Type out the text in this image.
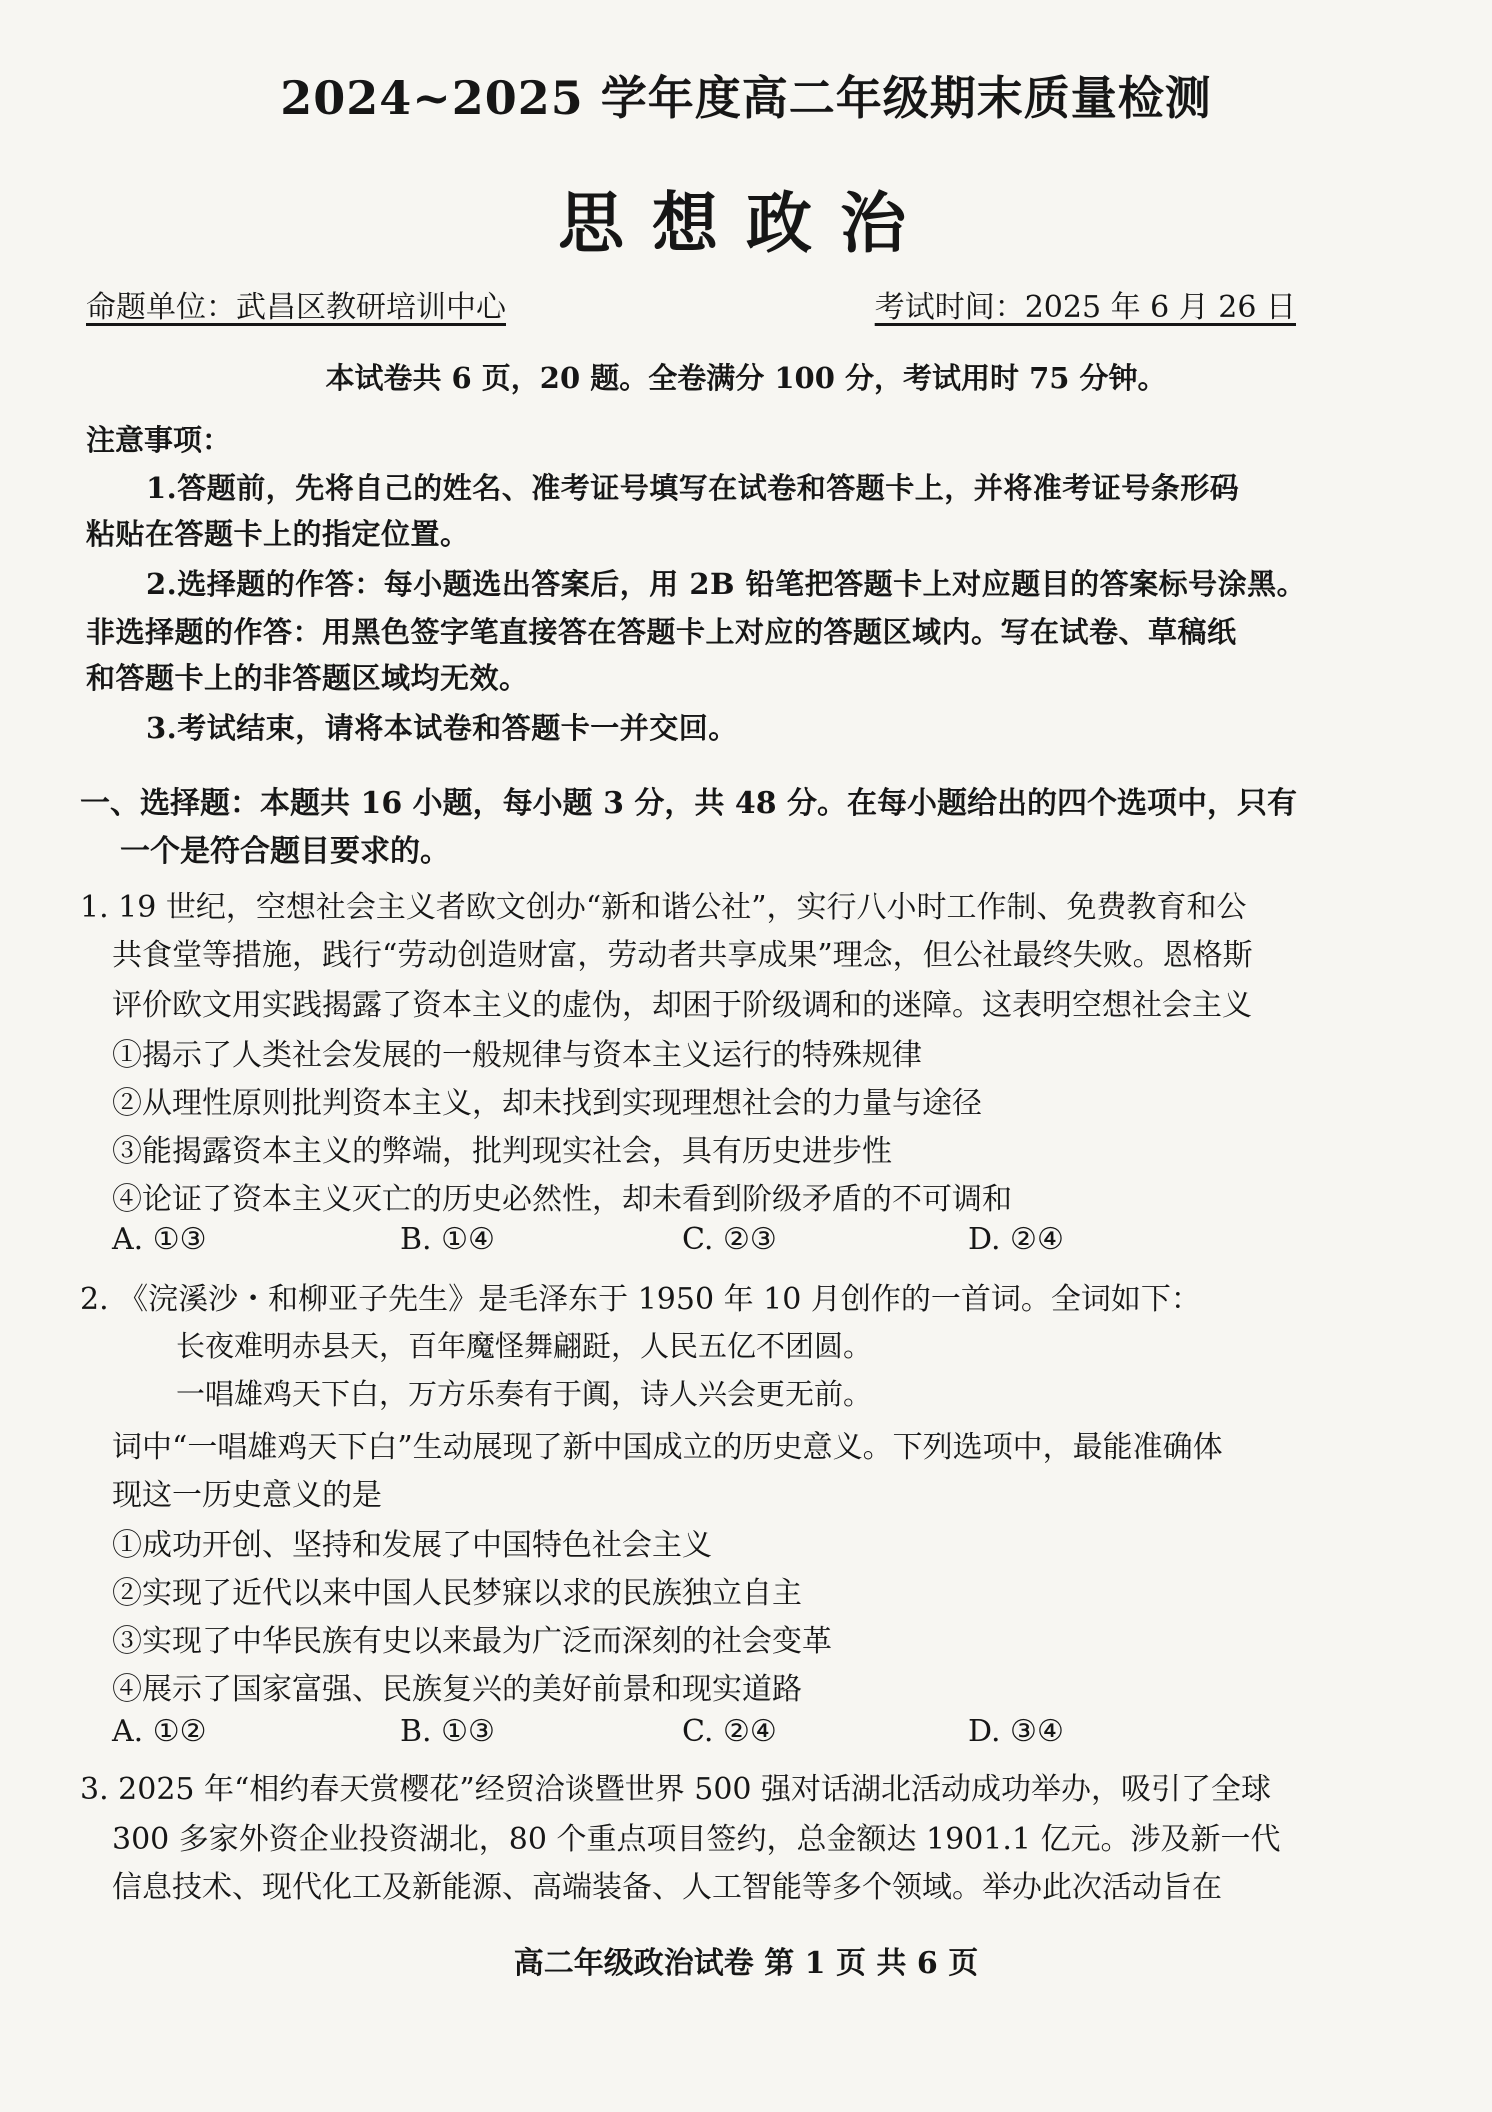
2024~2025 学年度高二年级期末质量检测
思想政治
命题单位：武昌区教研培训中心	考试时间：2025 年 6 月 26 日
本试卷共 6 页，20 题。全卷满分 100 分，考试用时 75 分钟。
注意事项：
1.答题前，先将自己的姓名、准考证号填写在试卷和答题卡上，并将准考证号条形码
粘贴在答题卡上的指定位置。
2.选择题的作答：每小题选出答案后，用 2B 铅笔把答题卡上对应题目的答案标号涂黑。
非选择题的作答：用黑色签字笔直接答在答题卡上对应的答题区域内。写在试卷、草稿纸
和答题卡上的非答题区域均无效。
3.考试结束，请将本试卷和答题卡一并交回。
一、选择题：本题共 16 小题，每小题 3 分，共 48 分。在每小题给出的四个选项中，只有
一个是符合题目要求的。
1. 19 世纪，空想社会主义者欧文创办“新和谐公社”，实行八小时工作制、免费教育和公
共食堂等措施，践行“劳动创造财富，劳动者共享成果”理念，但公社最终失败。恩格斯
评价欧文用实践揭露了资本主义的虚伪，却困于阶级调和的迷障。这表明空想社会主义
①揭示了人类社会发展的一般规律与资本主义运行的特殊规律
②从理性原则批判资本主义，却未找到实现理想社会的力量与途径
③能揭露资本主义的弊端，批判现实社会，具有历史进步性
④论证了资本主义灭亡的历史必然性，却未看到阶级矛盾的不可调和
A. ①③	B. ①④	C. ②③	D. ②④
2. 《浣溪沙・和柳亚子先生》是毛泽东于 1950 年 10 月创作的一首词。全词如下：
长夜难明赤县天，百年魔怪舞翩跹，人民五亿不团圆。
一唱雄鸡天下白，万方乐奏有于阗，诗人兴会更无前。
词中“一唱雄鸡天下白”生动展现了新中国成立的历史意义。下列选项中，最能准确体
现这一历史意义的是
①成功开创、坚持和发展了中国特色社会主义
②实现了近代以来中国人民梦寐以求的民族独立自主
③实现了中华民族有史以来最为广泛而深刻的社会变革
④展示了国家富强、民族复兴的美好前景和现实道路
A. ①②	B. ①③	C. ②④	D. ③④
3. 2025 年“相约春天赏樱花”经贸洽谈暨世界 500 强对话湖北活动成功举办，吸引了全球
300 多家外资企业投资湖北，80 个重点项目签约，总金额达 1901.1 亿元。涉及新一代
信息技术、现代化工及新能源、高端装备、人工智能等多个领域。举办此次活动旨在
高二年级政治试卷 第 1 页 共 6 页
